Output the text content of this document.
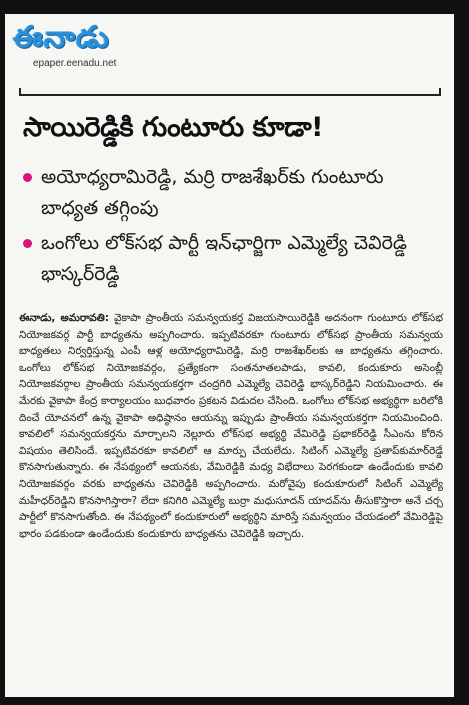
ఈనాడు
epaper.eenadu.net
సాయిరెడ్డికి గుంటూరు కూడా!
అయోధ్యరామిరెడ్డి, మర్రి రాజశేఖర్‌కు గుంటూరు బాధ్యత తగ్గింపు
ఒంగోలు లోక్‌సభ పార్టీ ఇన్‌ఛార్జిగా ఎమ్మెల్యే చెవిరెడ్డి భాస్కర్‌రెడ్డి
ఈనాడు, అమరావతి: వైకాపా ప్రాంతీయ సమన్వయకర్త విజయసాయిరెడ్డికి అదనంగా గుంటూరు లోక్‌సభ నియోజకవర్గ పార్టీ బాధ్యతను అప్పగించారు. ఇప్పటివరకూ గుంటూరు లోక్‌సభ ప్రాంతీయ సమన్వయ బాధ్యతలు నిర్వర్తిస్తున్న ఎంపీ ఆళ్ల అయోధ్యరామిరెడ్డి, మర్రి రాజశేఖర్‌లకు ఆ బాధ్యతను తగ్గించారు. ఒంగోలు లోక్‌సభ నియోజకవర్గం, ప్రత్యేకంగా సంతనూతలపాడు, కావలి, కందుకూరు అసెంబ్లీ నియోజకవర్గాల ప్రాంతీయ సమన్వయకర్తగా చంద్రగిరి ఎమ్మెల్యే చెవిరెడ్డి భాస్కర్‌రెడ్డిని నియమించారు. ఈ మేరకు వైకాపా కేంద్ర కార్యాలయం బుధవారం ప్రకటన విడుదల చేసింది. ఒంగోలు లోక్‌సభ అభ్యర్థిగా బరిలోకి దించే యోచనలో ఉన్న వైకాపా అధిష్ఠానం ఆయన్ను ఇప్పుడు ప్రాంతీయ సమన్వయకర్తగా నియమించింది. కావలిలో సమన్వయకర్తను మార్చాలని నెల్లూరు లోక్‌సభ అభ్యర్థి వేమిరెడ్డి ప్రభాకర్‌రెడ్డి సీఎంను కోరిన విషయం తెలిసిందే. ఇప్పటివరకూ కావలిలో ఆ మార్పు చేయలేదు. సిటింగ్ ఎమ్మెల్యే ప్రతాప్‌కుమార్‌రెడ్డే కొనసాగుతున్నారు. ఈ నేపథ్యంలో ఆయనకు, వేమిరెడ్డికి మధ్య విభేదాలు పెరగకుండా ఉండేందుకు కావలి నియోజకవర్గం వరకు బాధ్యతను చెవిరెడ్డికి అప్పగించారు. మరోవైపు కందుకూరులో సిటింగ్ ఎమ్మెల్యే మహీధర్‌రెడ్డిని కొనసాగిస్తారా? లేదా కనిగిరి ఎమ్మెల్యే బుర్రా మధుసూదన్ యాదవ్‌ను తీసుకొస్తారా అనే చర్చ పార్టీలో కొనసాగుతోంది. ఈ నేపథ్యంలో కందుకూరులో అభ్యర్థిని మారిస్తే సమన్వయం చేయడంలో వేమిరెడ్డిపై భారం పడకుండా ఉండేందుకు కందుకూరు బాధ్యతను చెవిరెడ్డికి ఇచ్చారు.
